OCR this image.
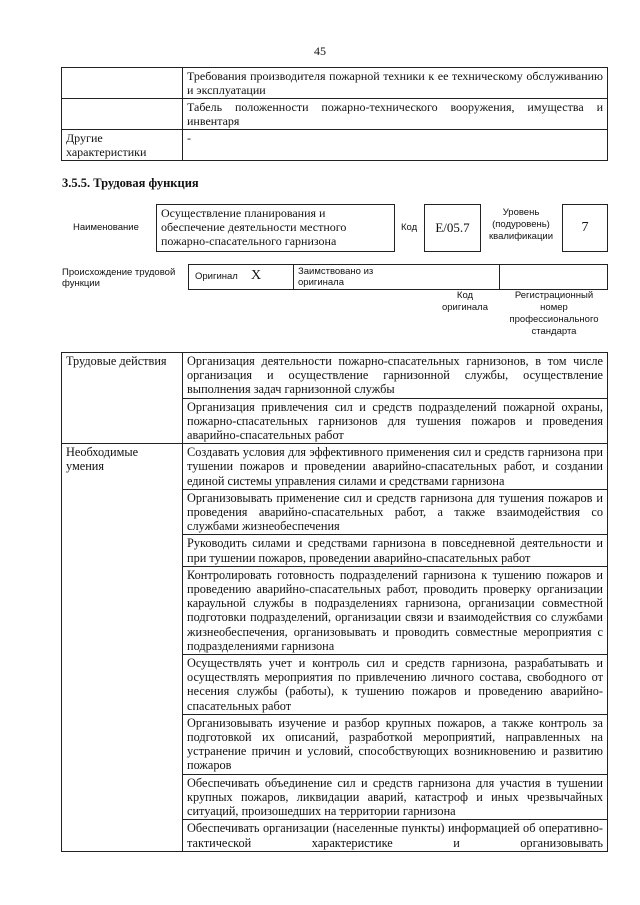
45
	Требования производителя пожарной техники к ее техническому обслуживанию и эксплуатации
	Табель положенности пожарно-технического вооружения, имущества и инвентаря
Другие характеристики	-
3.5.5. Трудовая функция
Наименование
Осуществление планирования и обеспечение деятельности местного пожарно-спасательного гарнизона
Код	E/05.7
Уровень (подуровень) квалификации
7
Происхождение трудовой функции
Оригинал X	Заимствовано из оригинала
Код оригинала
Регистрационный номер профессионального стандарта
Трудовые действия	Организация деятельности пожарно-спасательных гарнизонов, в том числе организация и осуществление гарнизонной службы, осуществление выполнения задач гарнизонной службы
	Организация привлечения сил и средств подразделений пожарной охраны, пожарно-спасательных гарнизонов для тушения пожаров и проведения аварийно-спасательных работ
Необходимые умения	Создавать условия для эффективного применения сил и средств гарнизона при тушении пожаров и проведении аварийно-спасательных работ, и создании единой системы управления силами и средствами гарнизона
	Организовывать применение сил и средств гарнизона для тушения пожаров и проведения аварийно-спасательных работ, а также взаимодействия со службами жизнеобеспечения
	Руководить силами и средствами гарнизона в повседневной деятельности и при тушении пожаров, проведении аварийно-спасательных работ
	Контролировать готовность подразделений гарнизона к тушению пожаров и проведению аварийно-спасательных работ, проводить проверку организации караульной службы в подразделениях гарнизона, организации совместной подготовки подразделений, организации связи и взаимодействия со службами жизнеобеспечения, организовывать и проводить совместные мероприятия с подразделениями гарнизона
	Осуществлять учет и контроль сил и средств гарнизона, разрабатывать и осуществлять мероприятия по привлечению личного состава, свободного от несения службы (работы), к тушению пожаров и проведению аварийно-спасательных работ
	Организовывать изучение и разбор крупных пожаров, а также контроль за подготовкой их описаний, разработкой мероприятий, направленных на устранение причин и условий, способствующих возникновению и развитию пожаров
	Обеспечивать объединение сил и средств гарнизона для участия в тушении крупных пожаров, ликвидации аварий, катастроф и иных чрезвычайных ситуаций, произошедших на территории гарнизона
	Обеспечивать организации (населенные пункты) информацией об оперативно-тактической характеристике и организовывать
